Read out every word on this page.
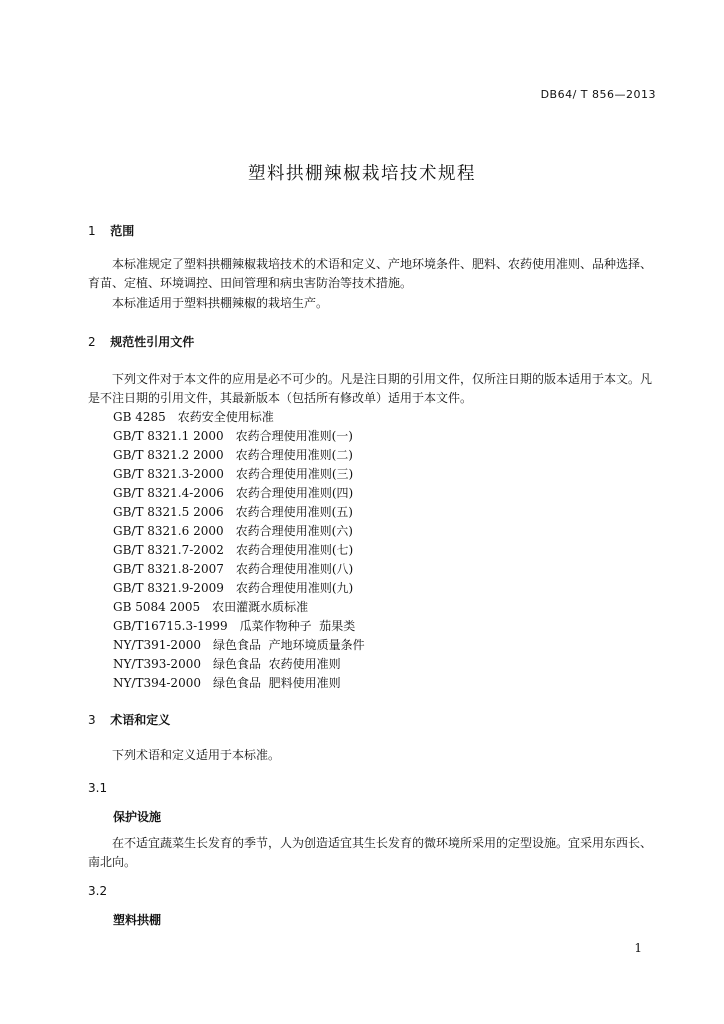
DB64/ T 856—2013
塑料拱棚辣椒栽培技术规程
1 范围
本标准规定了塑料拱棚辣椒栽培技术的术语和定义、产地环境条件、肥料、农药使用准则、品种选择、育苗、定植、环境调控、田间管理和病虫害防治等技术措施。
本标准适用于塑料拱棚辣椒的栽培生产。
2 规范性引用文件
下列文件对于本文件的应用是必不可少的。凡是注日期的引用文件，仅所注日期的版本适用于本文。凡是不注日期的引用文件，其最新版本（包括所有修改单）适用于本文件。
GB 4285 农药安全使用标准
GB/T 8321.1 2000 农药合理使用准则(一)
GB/T 8321.2 2000 农药合理使用准则(二)
GB/T 8321.3-2000 农药合理使用准则(三)
GB/T 8321.4-2006 农药合理使用准则(四)
GB/T 8321.5 2006 农药合理使用准则(五)
GB/T 8321.6 2000 农药合理使用准则(六)
GB/T 8321.7-2002 农药合理使用准则(七)
GB/T 8321.8-2007 农药合理使用准则(八)
GB/T 8321.9-2009 农药合理使用准则(九)
GB 5084 2005 农田灌溉水质标准
GB/T16715.3-1999 瓜菜作物种子  茄果类
NY/T391-2000 绿色食品  产地环境质量条件
NY/T393-2000 绿色食品  农药使用准则
NY/T394-2000 绿色食品  肥料使用准则
3 术语和定义
下列术语和定义适用于本标准。
3.1
保护设施
在不适宜蔬菜生长发育的季节，人为创造适宜其生长发育的微环境所采用的定型设施。宜采用东西长、南北向。
3.2
塑料拱棚
1
